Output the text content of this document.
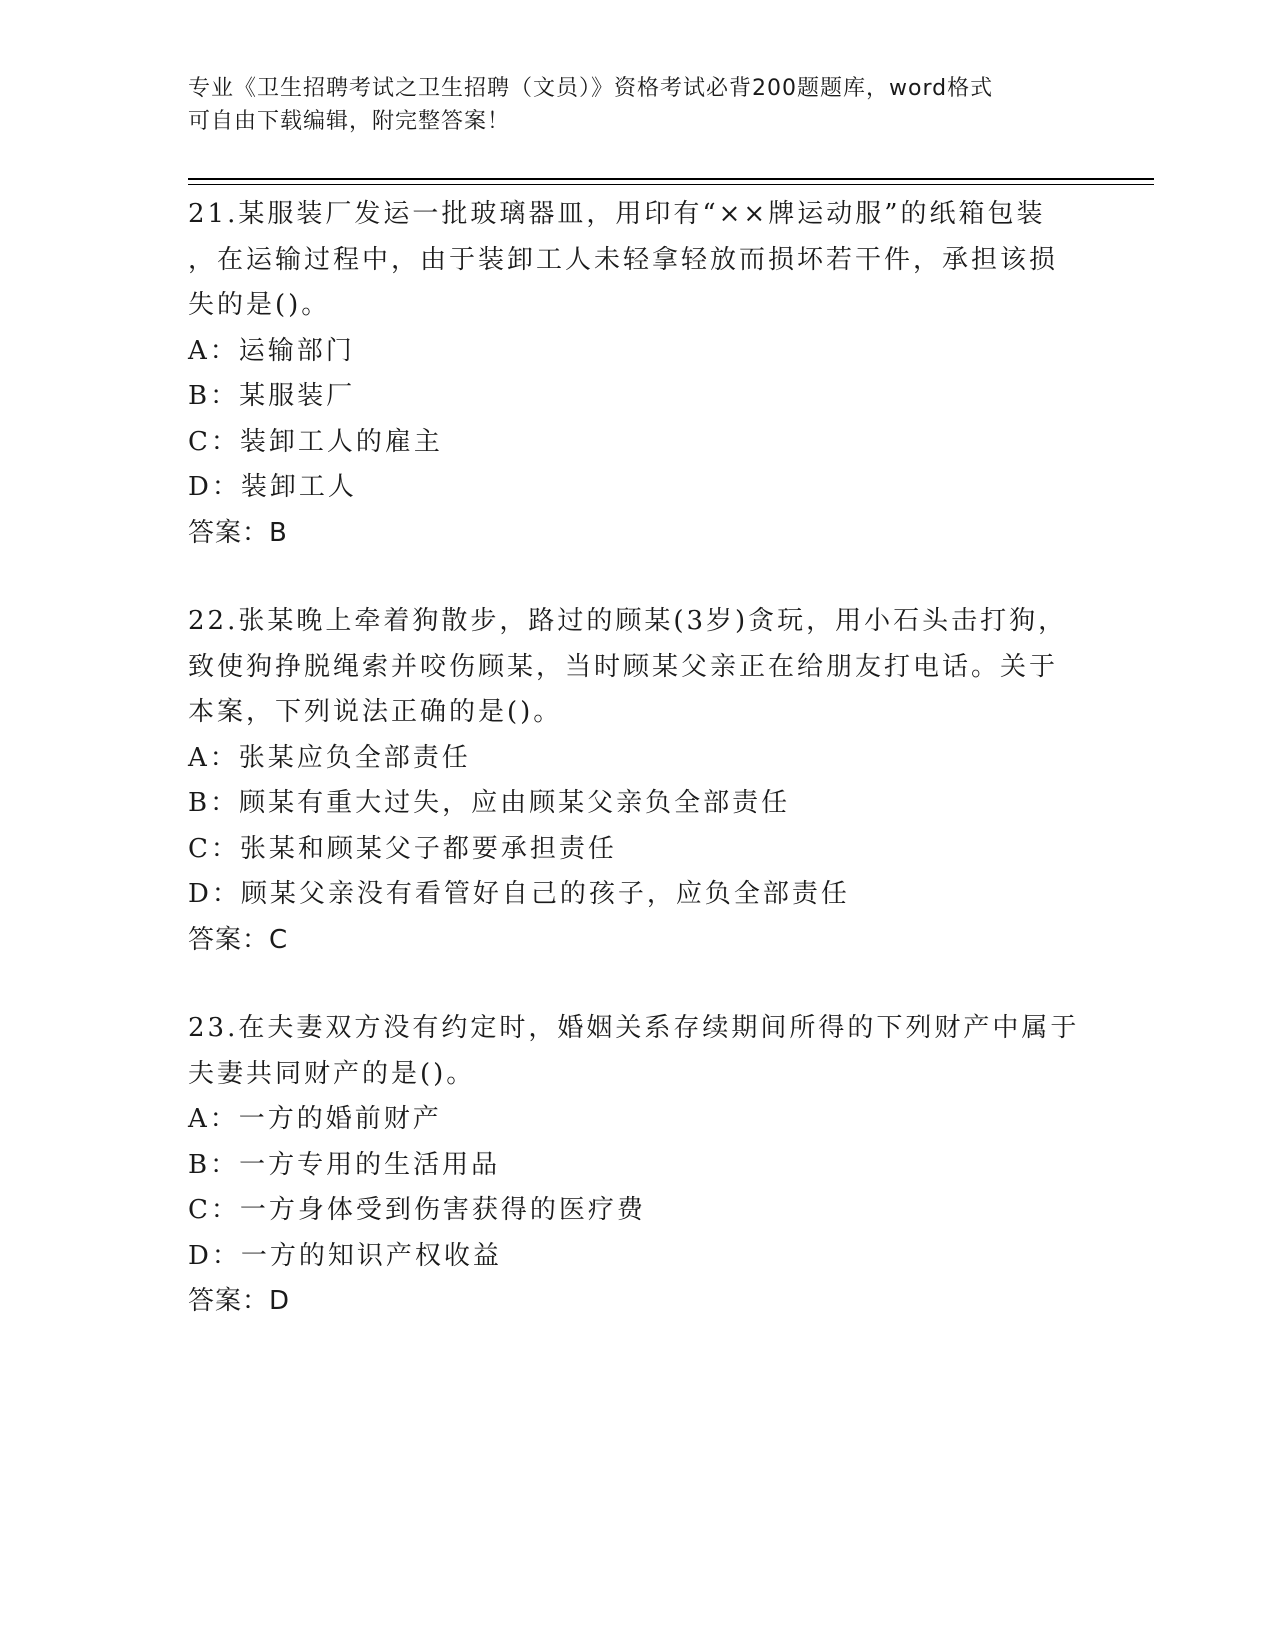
专业《卫生招聘考试之卫生招聘（文员）》资格考试必背200题题库，word格式
可自由下载编辑，附完整答案！
21.某服装厂发运一批玻璃器皿，用印有“××牌运动服”的纸箱包装
，在运输过程中，由于装卸工人未轻拿轻放而损坏若干件，承担该损
失的是()。
A：运输部门
B：某服装厂
C：装卸工人的雇主
D：装卸工人
答案：B
22.张某晚上牵着狗散步，路过的顾某(3岁)贪玩，用小石头击打狗，
致使狗挣脱绳索并咬伤顾某，当时顾某父亲正在给朋友打电话。关于
本案，下列说法正确的是()。
A：张某应负全部责任
B：顾某有重大过失，应由顾某父亲负全部责任
C：张某和顾某父子都要承担责任
D：顾某父亲没有看管好自己的孩子，应负全部责任
答案：C
23.在夫妻双方没有约定时，婚姻关系存续期间所得的下列财产中属于
夫妻共同财产的是()。
A：一方的婚前财产
B：一方专用的生活用品
C：一方身体受到伤害获得的医疗费
D：一方的知识产权收益
答案：D
